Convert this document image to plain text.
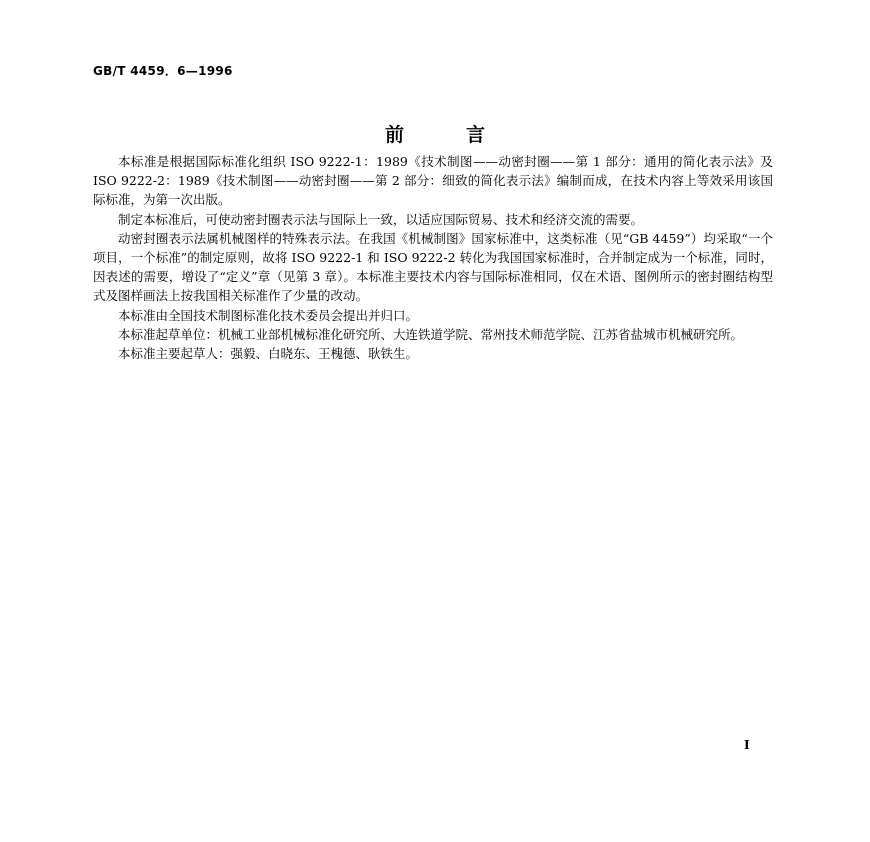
GB/T 4459．6—1996
前言

本标准是根据国际标准化组织 ISO 9222-1：1989《技术制图——动密封圈——第 1 部分：通用的简化表示法》及 ISO 9222-2：1989《技术制图——动密封圈——第 2 部分：细致的简化表示法》编制而成，在技术内容上等效采用该国际标准，为第一次出版。

制定本标准后，可使动密封圈表示法与国际上一致，以适应国际贸易、技术和经济交流的需要。

动密封圈表示法属机械图样的特殊表示法。在我国《机械制图》国家标准中，这类标准（见“GB 4459”）均采取“一个项目，一个标准”的制定原则，故将 ISO 9222-1 和 ISO 9222-2 转化为我国国家标准时，合并制定成为一个标准，同时，因表述的需要，增设了“定义”章（见第 3 章）。本标准主要技术内容与国际标准相同，仅在术语、图例所示的密封圈结构型式及图样画法上按我国相关标准作了少量的改动。

本标准由全国技术制图标准化技术委员会提出并归口。

本标准起草单位：机械工业部机械标准化研究所、大连铁道学院、常州技术师范学院、江苏省盐城市机械研究所。

本标准主要起草人：强毅、白晓东、王槐德、耿铁生。

I
